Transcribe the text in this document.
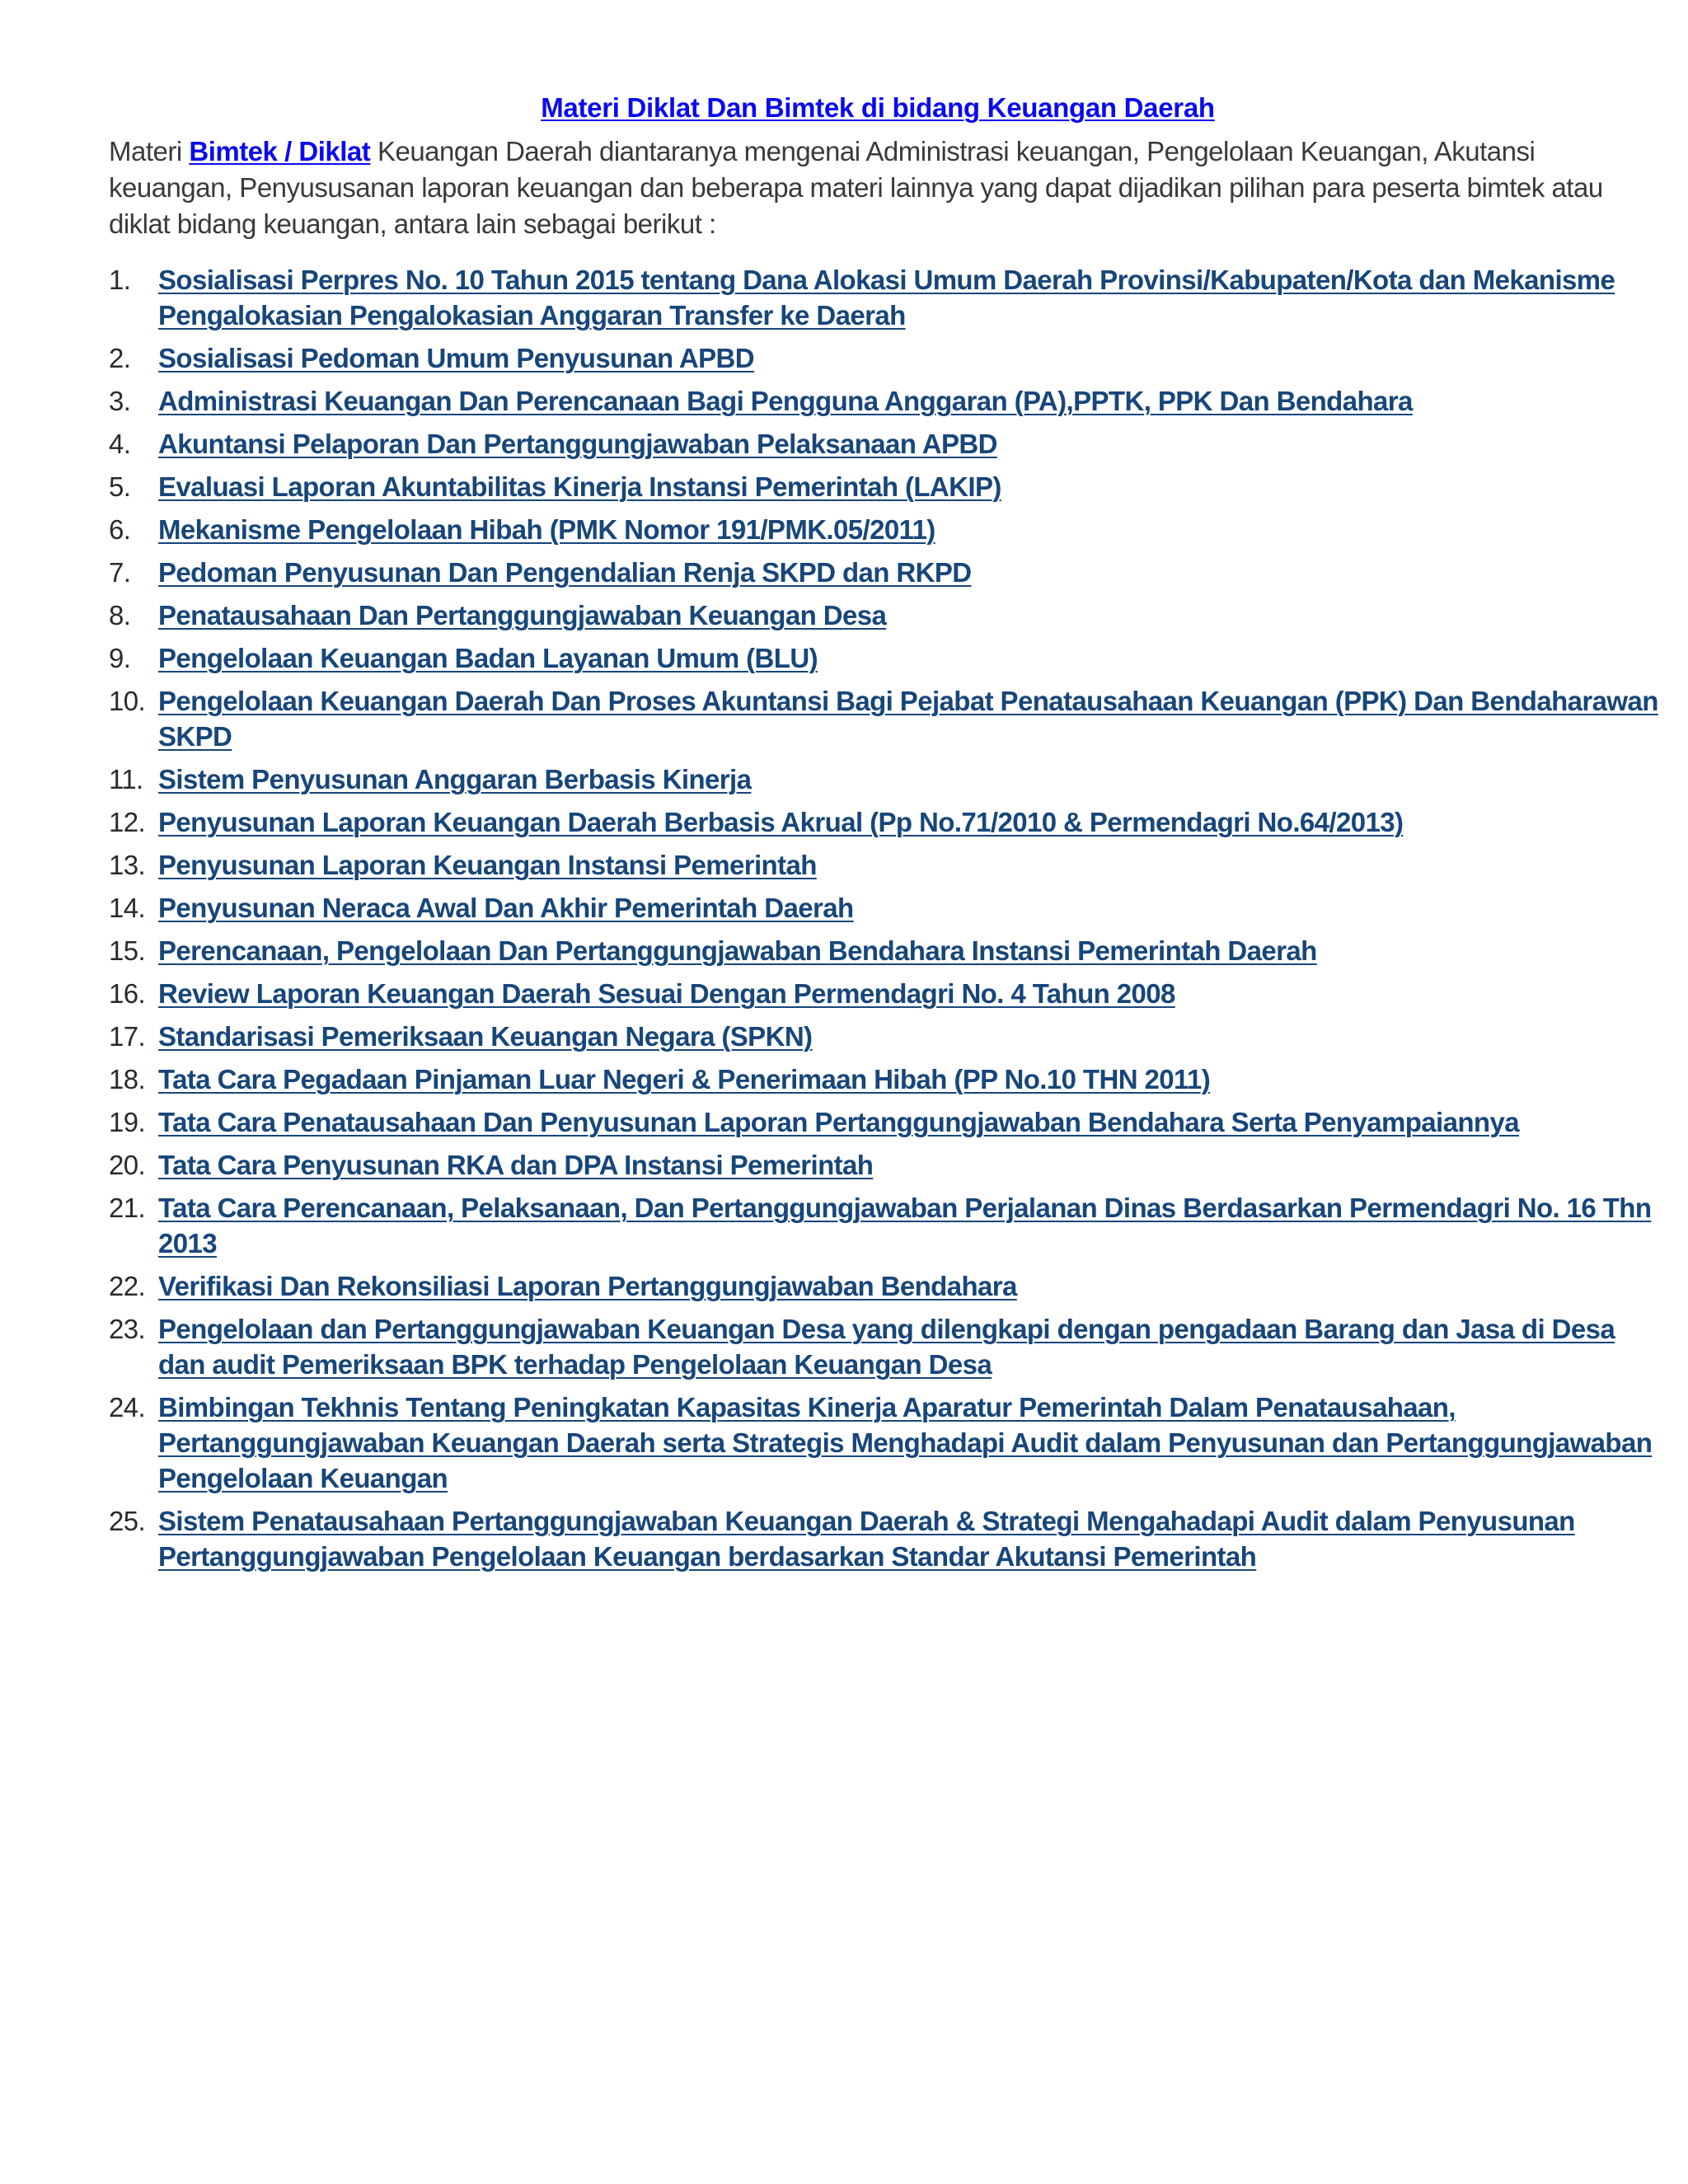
Materi Diklat Dan Bimtek di bidang Keuangan Daerah

Materi Bimtek / Diklat Keuangan Daerah diantaranya mengenai Administrasi keuangan, Pengelolaan Keuangan, Akutansi keuangan, Penyususanan laporan keuangan dan beberapa materi lainnya yang dapat dijadikan pilihan para peserta bimtek atau diklat bidang keuangan, antara lain sebagai berikut :

1. Sosialisasi Perpres No. 10 Tahun 2015 tentang Dana Alokasi Umum Daerah Provinsi/Kabupaten/Kota dan Mekanisme Pengalokasian Pengalokasian Anggaran Transfer ke Daerah
2. Sosialisasi Pedoman Umum Penyusunan APBD
3. Administrasi Keuangan Dan Perencanaan Bagi Pengguna Anggaran (PA),PPTK, PPK Dan Bendahara
4. Akuntansi Pelaporan Dan Pertanggungjawaban Pelaksanaan APBD
5. Evaluasi Laporan Akuntabilitas Kinerja Instansi Pemerintah (LAKIP)
6. Mekanisme Pengelolaan Hibah (PMK Nomor 191/PMK.05/2011)
7. Pedoman Penyusunan Dan Pengendalian Renja SKPD dan RKPD
8. Penatausahaan Dan Pertanggungjawaban Keuangan Desa
9. Pengelolaan Keuangan Badan Layanan Umum (BLU)
10. Pengelolaan Keuangan Daerah Dan Proses Akuntansi Bagi Pejabat Penatausahaan Keuangan (PPK) Dan Bendaharawan SKPD
11. Sistem Penyusunan Anggaran Berbasis Kinerja
12. Penyusunan Laporan Keuangan Daerah Berbasis Akrual (Pp No.71/2010 & Permendagri No.64/2013)
13. Penyusunan Laporan Keuangan Instansi Pemerintah
14. Penyusunan Neraca Awal Dan Akhir Pemerintah Daerah
15. Perencanaan, Pengelolaan Dan Pertanggungjawaban Bendahara Instansi Pemerintah Daerah
16. Review Laporan Keuangan Daerah Sesuai Dengan Permendagri No. 4 Tahun 2008
17. Standarisasi Pemeriksaan Keuangan Negara (SPKN)
18. Tata Cara Pegadaan Pinjaman Luar Negeri & Penerimaan Hibah (PP No.10 THN 2011)
19. Tata Cara Penatausahaan Dan Penyusunan Laporan Pertanggungjawaban Bendahara Serta Penyampaiannya
20. Tata Cara Penyusunan RKA dan DPA Instansi Pemerintah
21. Tata Cara Perencanaan, Pelaksanaan, Dan Pertanggungjawaban Perjalanan Dinas Berdasarkan Permendagri No. 16 Thn 2013
22. Verifikasi Dan Rekonsiliasi Laporan Pertanggungjawaban Bendahara
23. Pengelolaan dan Pertanggungjawaban Keuangan Desa yang dilengkapi dengan pengadaan Barang dan Jasa di Desa dan audit Pemeriksaan BPK terhadap Pengelolaan Keuangan Desa
24. Bimbingan Tekhnis Tentang Peningkatan Kapasitas Kinerja Aparatur Pemerintah Dalam Penatausahaan, Pertanggungjawaban Keuangan Daerah serta Strategis Menghadapi Audit dalam Penyusunan dan Pertanggungjawaban Pengelolaan Keuangan
25. Sistem Penatausahaan Pertanggungjawaban Keuangan Daerah & Strategi Mengahadapi Audit dalam Penyusunan Pertanggungjawaban Pengelolaan Keuangan berdasarkan Standar Akutansi Pemerintah
